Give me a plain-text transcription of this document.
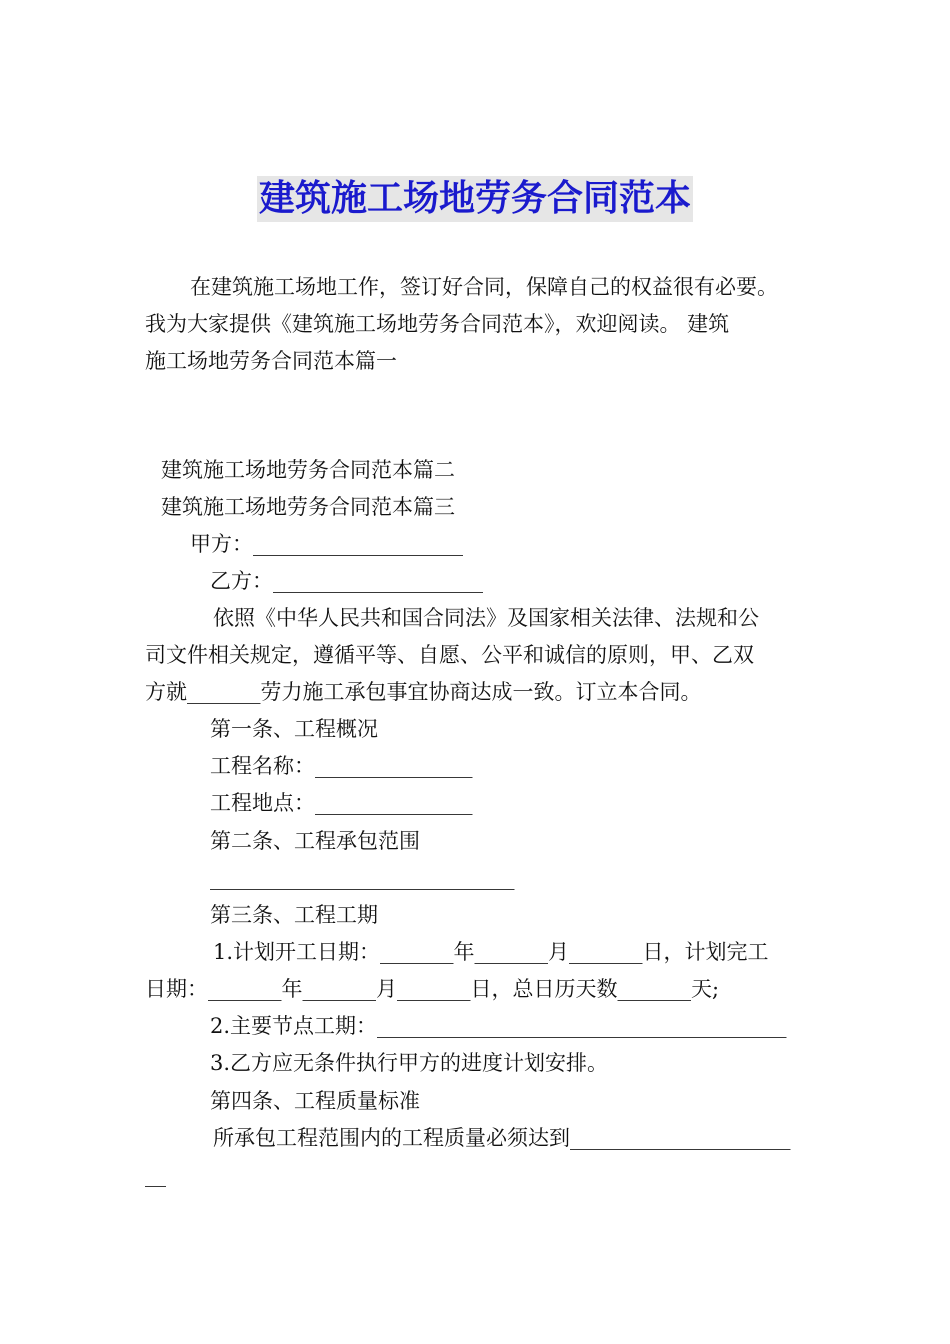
建筑施工场地劳务合同范本

在建筑施工场地工作，签订好合同，保障自己的权益很有必要。

我为大家提供《建筑施工场地劳务合同范本》，欢迎阅读。 建筑

施工场地劳务合同范本篇一

建筑施工场地劳务合同范本篇二

建筑施工场地劳务合同范本篇三

甲方：____________________

乙方：____________________

依照《中华人民共和国合同法》及国家相关法律、法规和公

司文件相关规定，遵循平等、自愿、公平和诚信的原则，甲、乙双

方就_______劳力施工承包事宜协商达成一致。订立本合同。

第一条、工程概况

工程名称：_______________

工程地点：_______________

第二条、工程承包范围

_____________________________

第三条、工程工期

1.计划开工日期：_______年_______月_______日，计划完工

日期：_______年_______月_______日，总日历天数_______天;

2.主要节点工期：_______________________________________

3.乙方应无条件执行甲方的进度计划安排。

第四条、工程质量标准

所承包工程范围内的工程质量必须达到_____________________

__
